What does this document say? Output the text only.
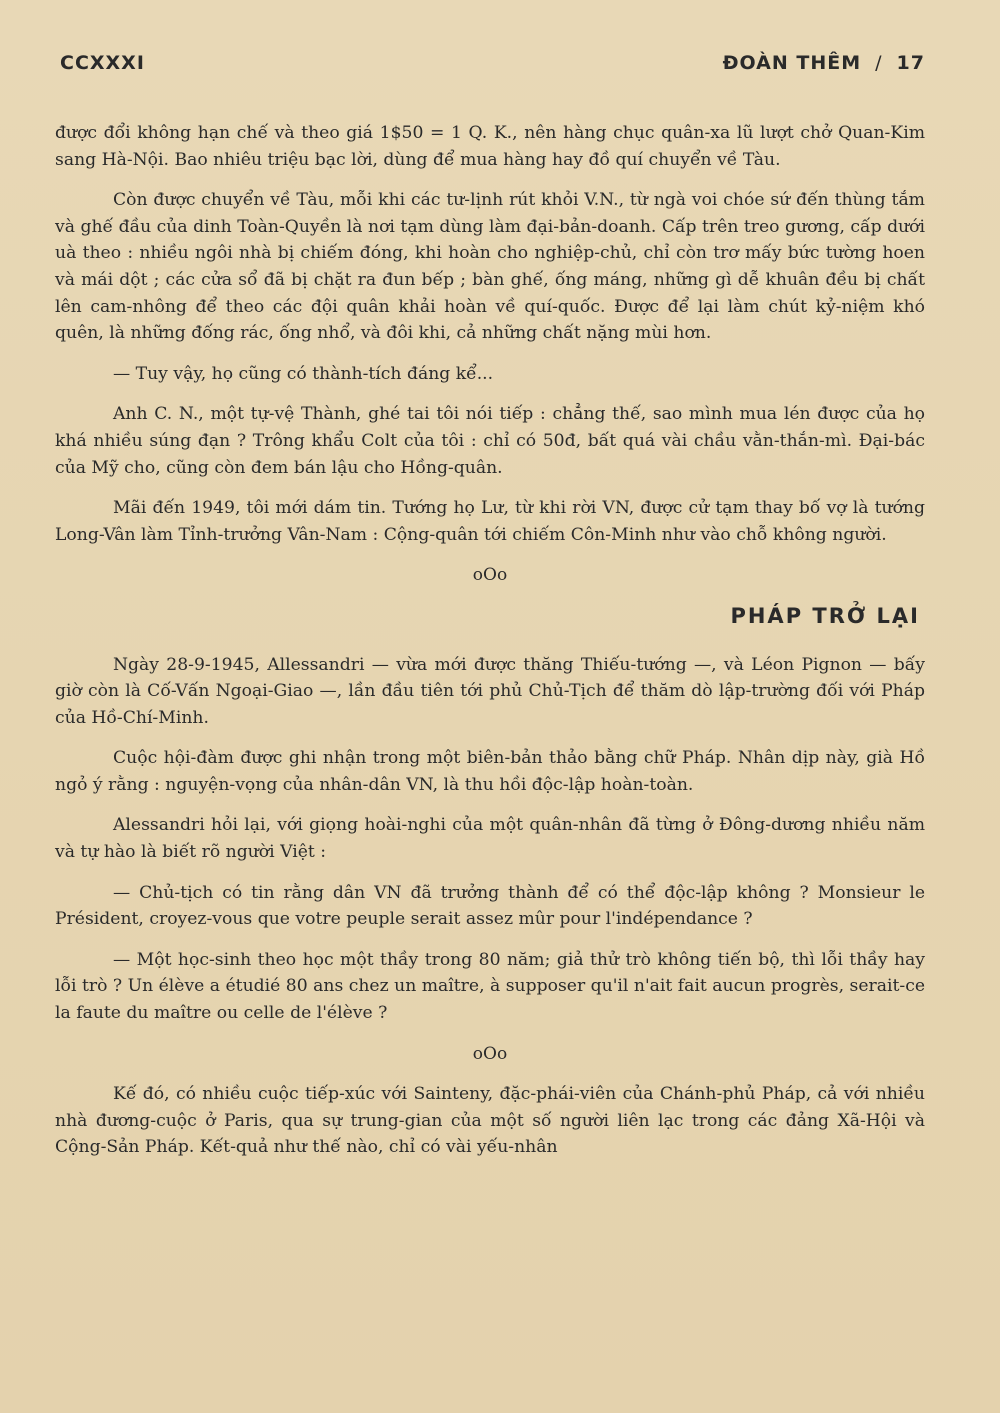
CCXXXI	ĐOÀN THÊM / 17

được đổi không hạn chế và theo giá 1$50 = 1 Q. K., nên hàng chục quân-xa lũ lượt chở Quan-Kim sang Hà-Nội. Bao nhiêu triệu bạc lời, dùng để mua hàng hay đồ quí chuyển về Tàu.

Còn được chuyển về Tàu, mỗi khi các tư-lịnh rút khỏi V.N., từ ngà voi chóe sứ đến thùng tắm và ghế đầu của dinh Toàn-Quyền là nơi tạm dùng làm đại-bản-doanh. Cấp trên treo gương, cấp dưới uà theo : nhiều ngôi nhà bị chiếm đóng, khi hoàn cho nghiệp-chủ, chỉ còn trơ mấy bức tường hoen và mái dột ; các cửa sổ đã bị chặt ra đun bếp ; bàn ghế, ống máng, những gì dễ khuân đều bị chất lên cam-nhông để theo các đội quân khải hoàn về quí-quốc. Được để lại làm chút kỷ-niệm khó quên, là những đống rác, ống nhổ, và đôi khi, cả những chất nặng mùi hơn.

— Tuy vậy, họ cũng có thành-tích đáng kể...

Anh C. N., một tự-vệ Thành, ghé tai tôi nói tiếp : chẳng thế, sao mình mua lén được của họ khá nhiều súng đạn ? Trông khẩu Colt của tôi : chỉ có 50đ, bất quá vài chầu vằn-thắn-mì. Đại-bác của Mỹ cho, cũng còn đem bán lậu cho Hồng-quân.

Mãi đến 1949, tôi mới dám tin. Tướng họ Lư, từ khi rời VN, được cử tạm thay bố vợ là tướng Long-Vân làm Tỉnh-trưởng Vân-Nam : Cộng-quân tới chiếm Côn-Minh như vào chỗ không người.

oOo
PHÁP TRỞ LẠI

Ngày 28-9-1945, Allessandri — vừa mới được thăng Thiếu-tướng —, và Léon Pignon — bấy giờ còn là Cố-Vấn Ngoại-Giao —, lần đầu tiên tới phủ Chủ-Tịch để thăm dò lập-trường đối với Pháp của Hồ-Chí-Minh.

Cuộc hội-đàm được ghi nhận trong một biên-bản thảo bằng chữ Pháp. Nhân dịp này, già Hồ ngỏ ý rằng : nguyện-vọng của nhân-dân VN, là thu hồi độc-lập hoàn-toàn.

Alessandri hỏi lại, với giọng hoài-nghi của một quân-nhân đã từng ở Đông-dương nhiều năm và tự hào là biết rõ người Việt :

— Chủ-tịch có tin rằng dân VN đã trưởng thành để có thể độc-lập không ? Monsieur le Président, croyez-vous que votre peuple serait assez mûr pour l'indépendance ?

— Một học-sinh theo học một thầy trong 80 năm; giả thử trò không tiến bộ, thì lỗi thầy hay lỗi trò ? Un élève a étudié 80 ans chez un maître, à supposer qu'il n'ait fait aucun progrès, serait-ce la faute du maître ou celle de l'élève ?

oOo

Kế đó, có nhiều cuộc tiếp-xúc với Sainteny, đặc-phái-viên của Chánh-phủ Pháp, cả với nhiều nhà đương-cuộc ở Paris, qua sự trung-gian của một số người liên lạc trong các đảng Xã-Hội và Cộng-Sản Pháp. Kết-quả như thế nào, chỉ có vài yếu-nhân
